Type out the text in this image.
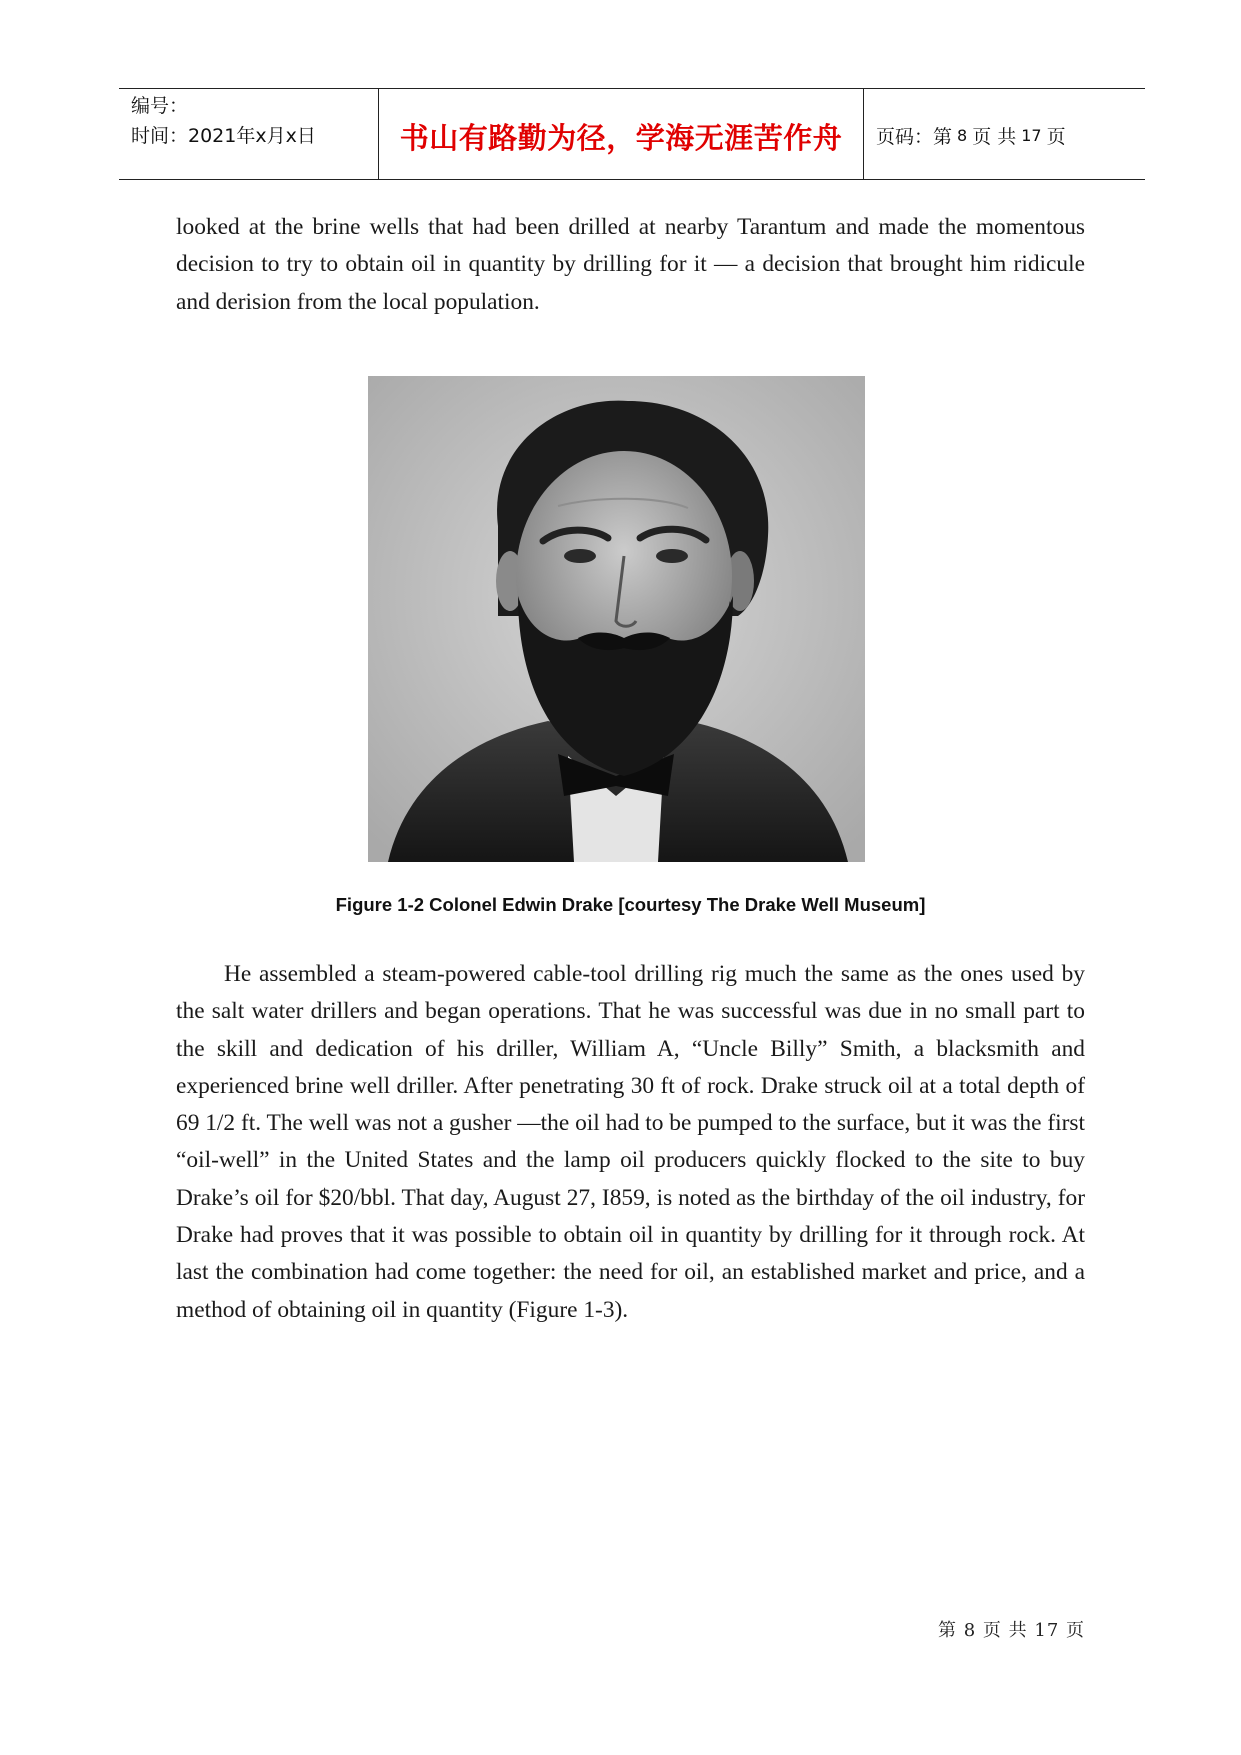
编号：
时间：2021年x月x日	书山有路勤为径，学海无涯苦作舟 页码：第 8 页 共 17 页

looked at the brine wells that had been drilled at nearby Tarantum and made the momentous decision to try to obtain oil in quantity by drilling for it — a decision that brought him ridicule and derision from the local population.

Figure 1-2 Colonel Edwin Drake [courtesy The Drake Well Museum]

He assembled a steam-powered cable-tool drilling rig much the same as the ones used by the salt water drillers and began operations. That he was successful was due in no small part to the skill and dedication of his driller, William A, “Uncle Billy” Smith, a blacksmith and experienced brine well driller. After penetrating 30 ft of rock. Drake struck oil at a total depth of 69 1/2 ft. The well was not a gusher —the oil had to be pumped to the surface, but it was the first “oil-well” in the United States and the lamp oil producers quickly flocked to the site to buy Drake’s oil for $20/bbl. That day, August 27, I859, is noted as the birthday of the oil industry, for Drake had proves that it was possible to obtain oil in quantity by drilling for it through rock. At last the combination had come together: the need for oil, an established market and price, and a method of obtaining oil in quantity (Figure 1-3).

第 8 页 共 17 页
